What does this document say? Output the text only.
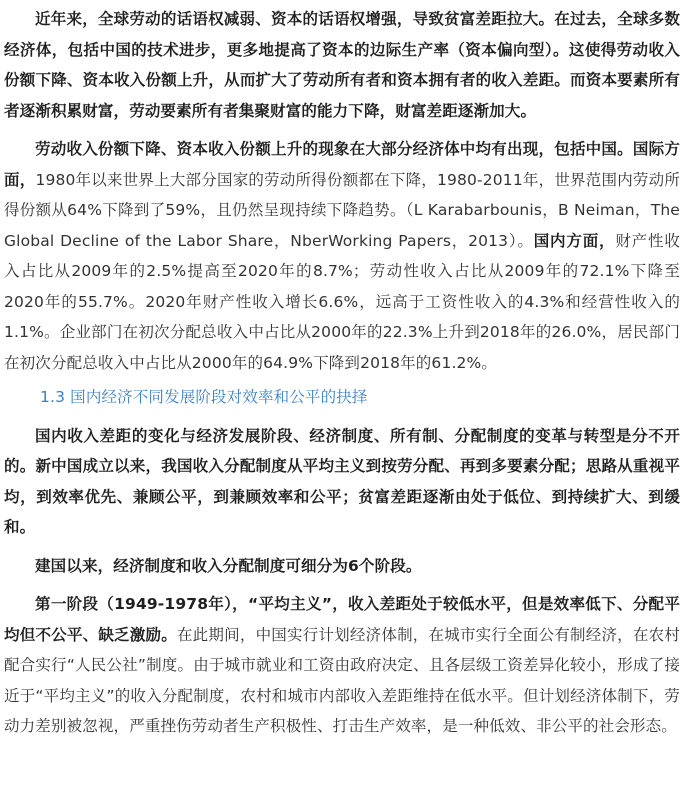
近年来，全球劳动的话语权减弱、资本的话语权增强，导致贫富差距拉大。在过去，全球多数经济体，包括中国的技术进步，更多地提高了资本的边际生产率（资本偏向型）。这使得劳动收入份额下降、资本收入份额上升，从而扩大了劳动所有者和资本拥有者的收入差距。而资本要素所有者逐渐积累财富，劳动要素所有者集聚财富的能力下降，财富差距逐渐加大。

劳动收入份额下降、资本收入份额上升的现象在大部分经济体中均有出现，包括中国。国际方面，1980年以来世界上大部分国家的劳动所得份额都在下降，1980-2011年，世界范围内劳动所得份额从64%下降到了59%，且仍然呈现持续下降趋势。（L Karabarbounis，B Neiman，The Global Decline of the Labor Share，NberWorking Papers，2013）。国内方面，财产性收入占比从2009年的2.5%提高至2020年的8.7%；劳动性收入占比从2009年的72.1%下降至2020年的55.7%。2020年财产性收入增长6.6%，远高于工资性收入的4.3%和经营性收入的1.1%。企业部门在初次分配总收入中占比从2000年的22.3%上升到2018年的26.0%，居民部门在初次分配总收入中占比从2000年的64.9%下降到2018年的61.2%。

1.3 国内经济不同发展阶段对效率和公平的抉择

国内收入差距的变化与经济发展阶段、经济制度、所有制、分配制度的变革与转型是分不开的。新中国成立以来，我国收入分配制度从平均主义到按劳分配、再到多要素分配；思路从重视平均，到效率优先、兼顾公平，到兼顾效率和公平；贫富差距逐渐由处于低位、到持续扩大、到缓和。

建国以来，经济制度和收入分配制度可细分为6个阶段。

第一阶段（1949-1978年），“平均主义”，收入差距处于较低水平，但是效率低下、分配平均但不公平、缺乏激励。在此期间，中国实行计划经济体制，在城市实行全面公有制经济，在农村配合实行“人民公社”制度。由于城市就业和工资由政府决定、且各层级工资差异化较小，形成了接近于“平均主义”的收入分配制度，农村和城市内部收入差距维持在低水平。但计划经济体制下，劳动力差别被忽视，严重挫伤劳动者生产积极性、打击生产效率，是一种低效、非公平的社会形态。
